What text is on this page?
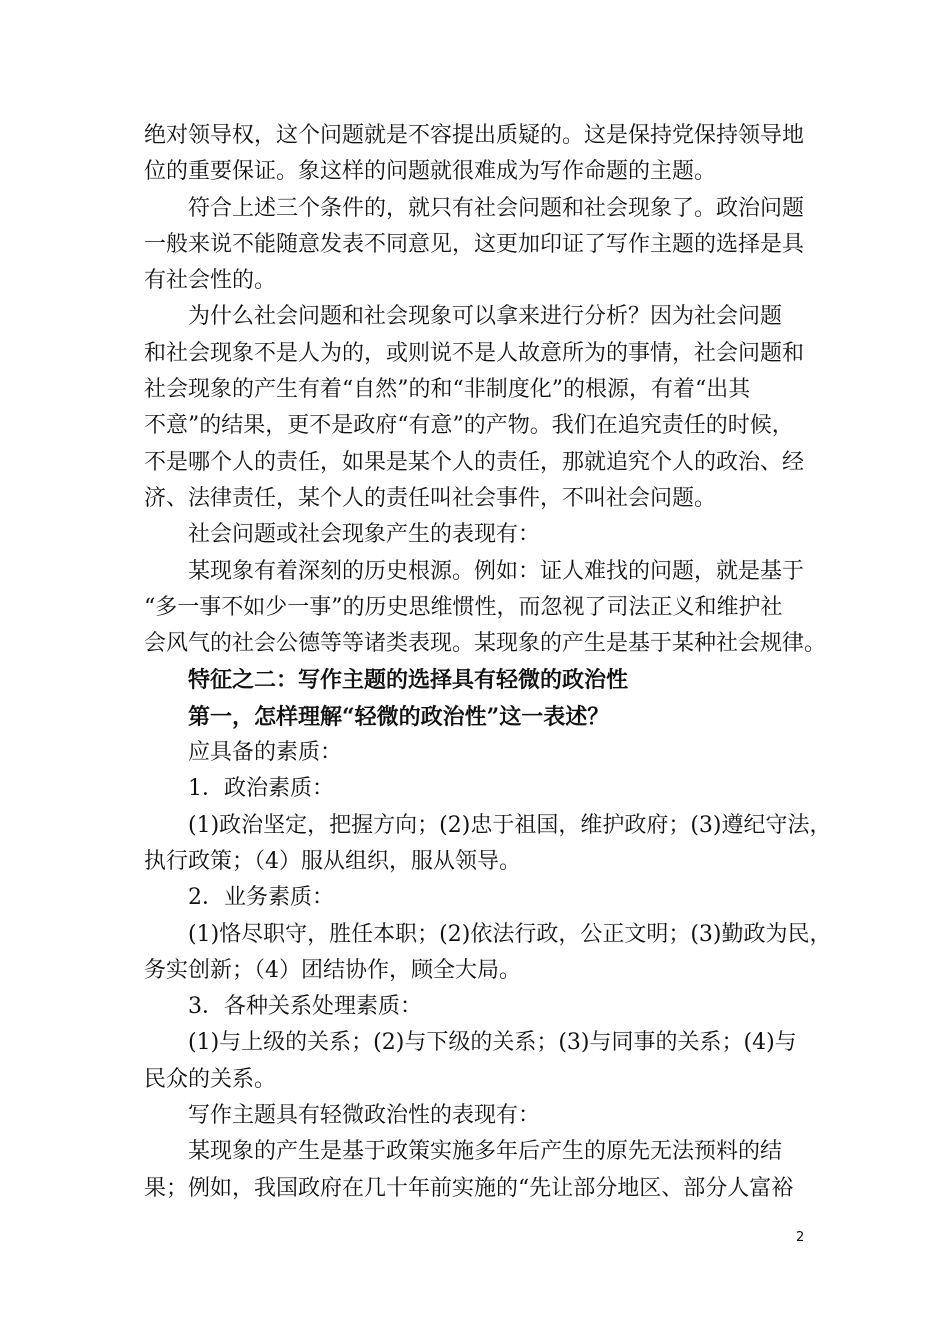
绝对领导权，这个问题就是不容提出质疑的。这是保持党保持领导地
位的重要保证。象这样的问题就很难成为写作命题的主题。
符合上述三个条件的，就只有社会问题和社会现象了。政治问题
一般来说不能随意发表不同意见，这更加印证了写作主题的选择是具
有社会性的。
为什么社会问题和社会现象可以拿来进行分析？因为社会问题
和社会现象不是人为的，或则说不是人故意所为的事情，社会问题和
社会现象的产生有着“自然”的和“非制度化”的根源，有着“出其
不意”的结果，更不是政府“有意”的产物。我们在追究责任的时候，
不是哪个人的责任，如果是某个人的责任，那就追究个人的政治、经
济、法律责任，某个人的责任叫社会事件，不叫社会问题。
社会问题或社会现象产生的表现有：
某现象有着深刻的历史根源。例如：证人难找的问题，就是基于
“多一事不如少一事”的历史思维惯性，而忽视了司法正义和维护社
会风气的社会公德等等诸类表现。某现象的产生是基于某种社会规律。
特征之二：写作主题的选择具有轻微的政治性
第一，怎样理解“轻微的政治性”这一表述？
应具备的素质：
1．政治素质：
(1)政治坚定，把握方向；(2)忠于祖国，维护政府；(3)遵纪守法，
执行政策；（4）服从组织，服从领导。
2．业务素质：
(1)恪尽职守，胜任本职；(2)依法行政，公正文明；(3)勤政为民，
务实创新；（4）团结协作，顾全大局。
3．各种关系处理素质：
(1)与上级的关系；(2)与下级的关系；(3)与同事的关系；(4)与
民众的关系。
写作主题具有轻微政治性的表现有：
某现象的产生是基于政策实施多年后产生的原先无法预料的结
果；例如，我国政府在几十年前实施的“先让部分地区、部分人富裕
2
